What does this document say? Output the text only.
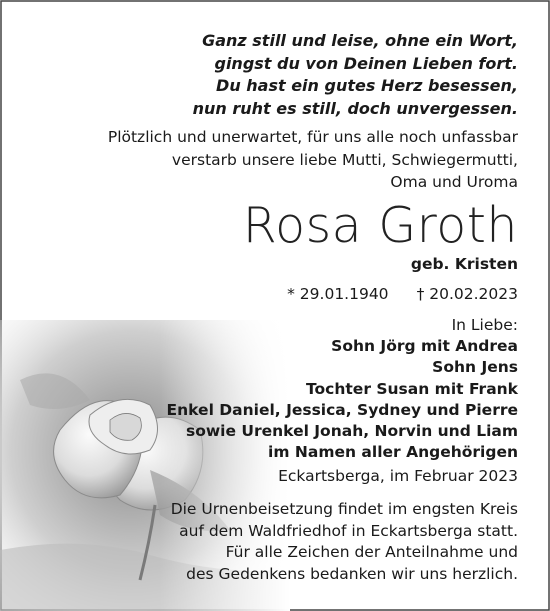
Ganz still und leise, ohne ein Wort,
gingst du von Deinen Lieben fort.
Du hast ein gutes Herz besessen,
nun ruht es still, doch unvergessen.
Plötzlich und unerwartet, für uns alle noch unfassbar
verstarb unsere liebe Mutti, Schwiegermutti,
Oma und Uroma
Rosa Groth
geb. Kristen
* 29.01.1940 † 20.02.2023
In Liebe:
Sohn Jörg mit Andrea
Sohn Jens
Tochter Susan mit Frank
Enkel Daniel, Jessica, Sydney und Pierre
sowie Urenkel Jonah, Norvin und Liam
im Namen aller Angehörigen
Eckartsberga, im Februar 2023
Die Urnenbeisetzung findet im engsten Kreis
auf dem Waldfriedhof in Eckartsberga statt.
Für alle Zeichen der Anteilnahme und
des Gedenkens bedanken wir uns herzlich.
